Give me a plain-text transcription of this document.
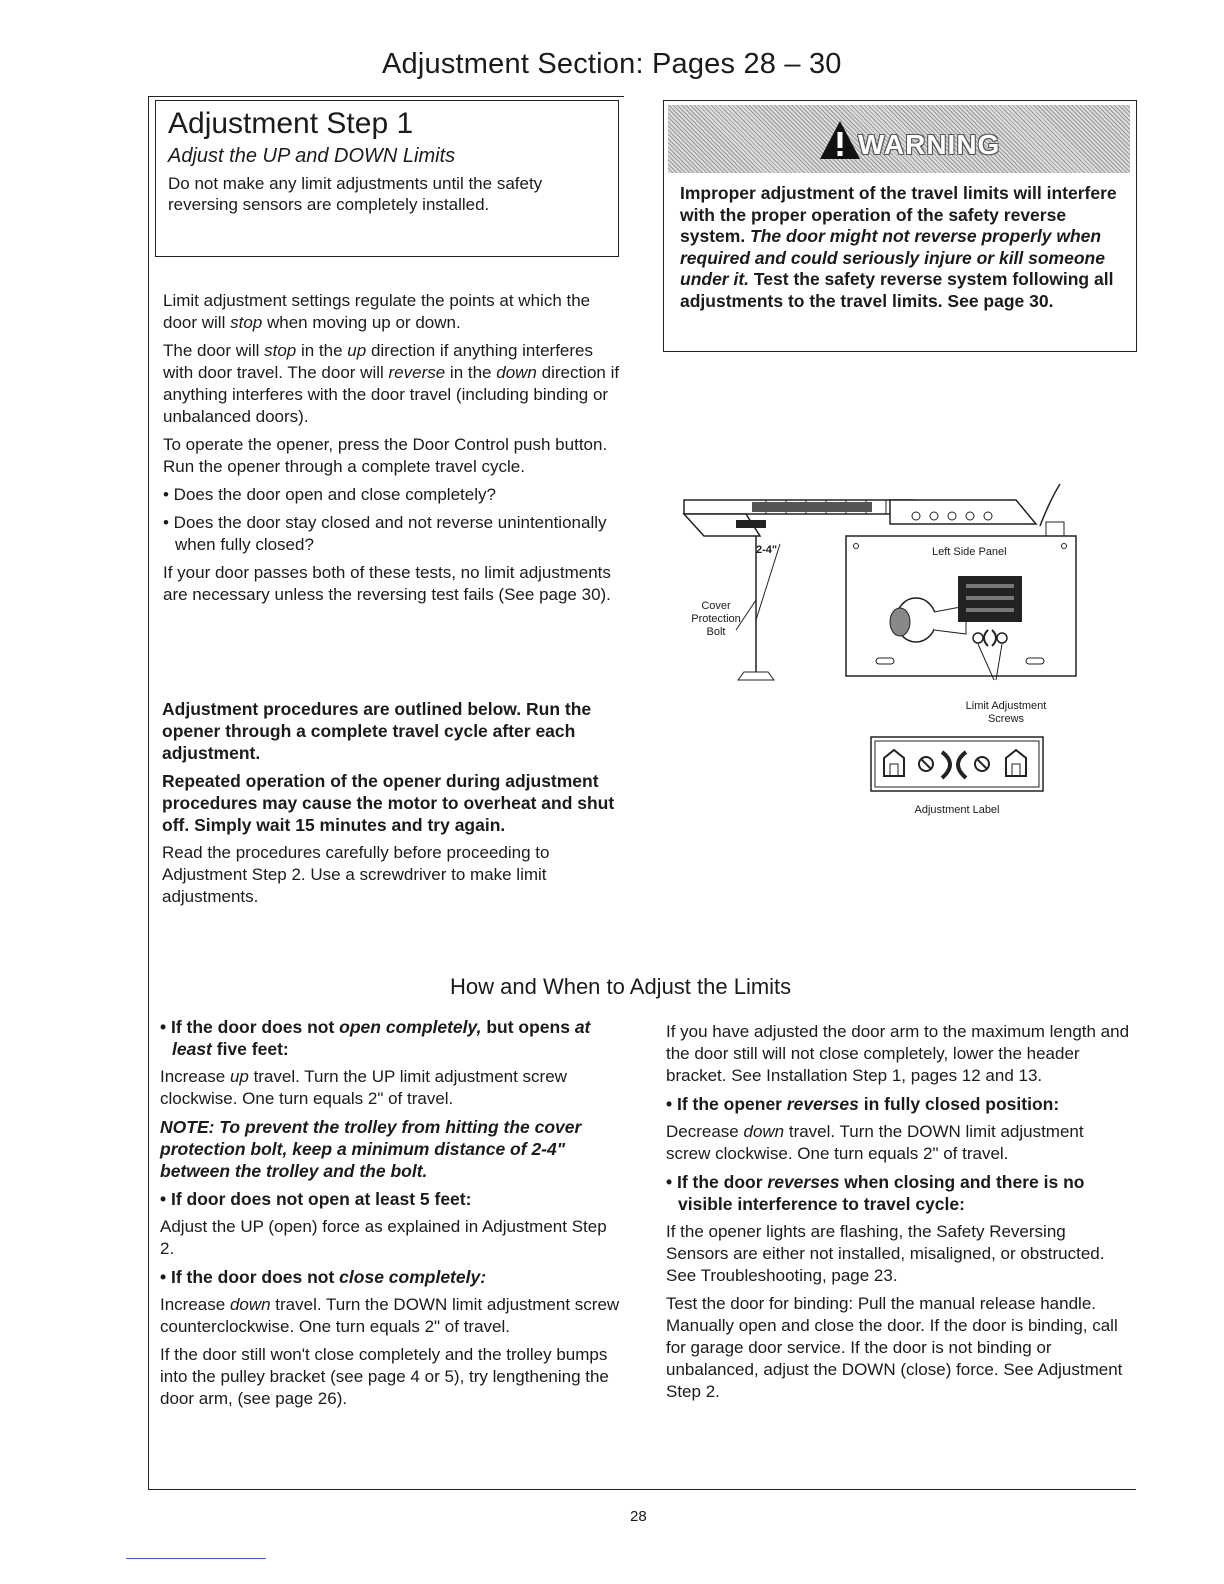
Adjustment Section: Pages 28 – 30
Adjustment Step 1
Adjust the UP and DOWN Limits
Do not make any limit adjustments until the safety reversing sensors are completely installed.

Limit adjustment settings regulate the points at which the door will stop when moving up or down.

The door will stop in the up direction if anything interferes with door travel. The door will reverse in the down direction if anything interferes with the door travel (including binding or unbalanced doors).

To operate the opener, press the Door Control push button. Run the opener through a complete travel cycle.

• Does the door open and close completely?

• Does the door stay closed and not reverse unintentionally when fully closed?

If your door passes both of these tests, no limit adjustments are necessary unless the reversing test fails (See page 30).

Adjustment procedures are outlined below. Run the opener through a complete travel cycle after each adjustment.

Repeated operation of the opener during adjustment procedures may cause the motor to overheat and shut off. Simply wait 15 minutes and try again.

Read the procedures carefully before proceeding to Adjustment Step 2. Use a screwdriver to make limit adjustments.

WARNING
Improper adjustment of the travel limits will interfere with the proper operation of the safety reverse system. The door might not reverse properly when required and could seriously injure or kill someone under it. Test the safety reverse system following all adjustments to the travel limits. See page 30.
2-4"	Left Side Panel
Cover
Protection
Bolt
Limit Adjustment
Screws
Adjustment Label
How and When to Adjust the Limits

• If the door does not open completely, but opens at least five feet:

Increase up travel. Turn the UP limit adjustment screw clockwise. One turn equals 2" of travel.

NOTE: To prevent the trolley from hitting the cover protection bolt, keep a minimum distance of 2-4" between the trolley and the bolt.

• If door does not open at least 5 feet:

Adjust the UP (open) force as explained in Adjustment Step 2.

• If the door does not close completely:

Increase down travel. Turn the DOWN limit adjustment screw counterclockwise. One turn equals 2" of travel.

If the door still won't close completely and the trolley bumps into the pulley bracket (see page 4 or 5), try lengthening the door arm, (see page 26).

If you have adjusted the door arm to the maximum length and the door still will not close completely, lower the header bracket. See Installation Step 1, pages 12 and 13.

• If the opener reverses in fully closed position:

Decrease down travel. Turn the DOWN limit adjustment screw clockwise. One turn equals 2" of travel.

• If the door reverses when closing and there is no visible interference to travel cycle:

If the opener lights are flashing, the Safety Reversing Sensors are either not installed, misaligned, or obstructed. See Troubleshooting, page 23.

Test the door for binding: Pull the manual release handle. Manually open and close the door. If the door is binding, call for garage door service. If the door is not binding or unbalanced, adjust the DOWN (close) force. See Adjustment Step 2.

28
